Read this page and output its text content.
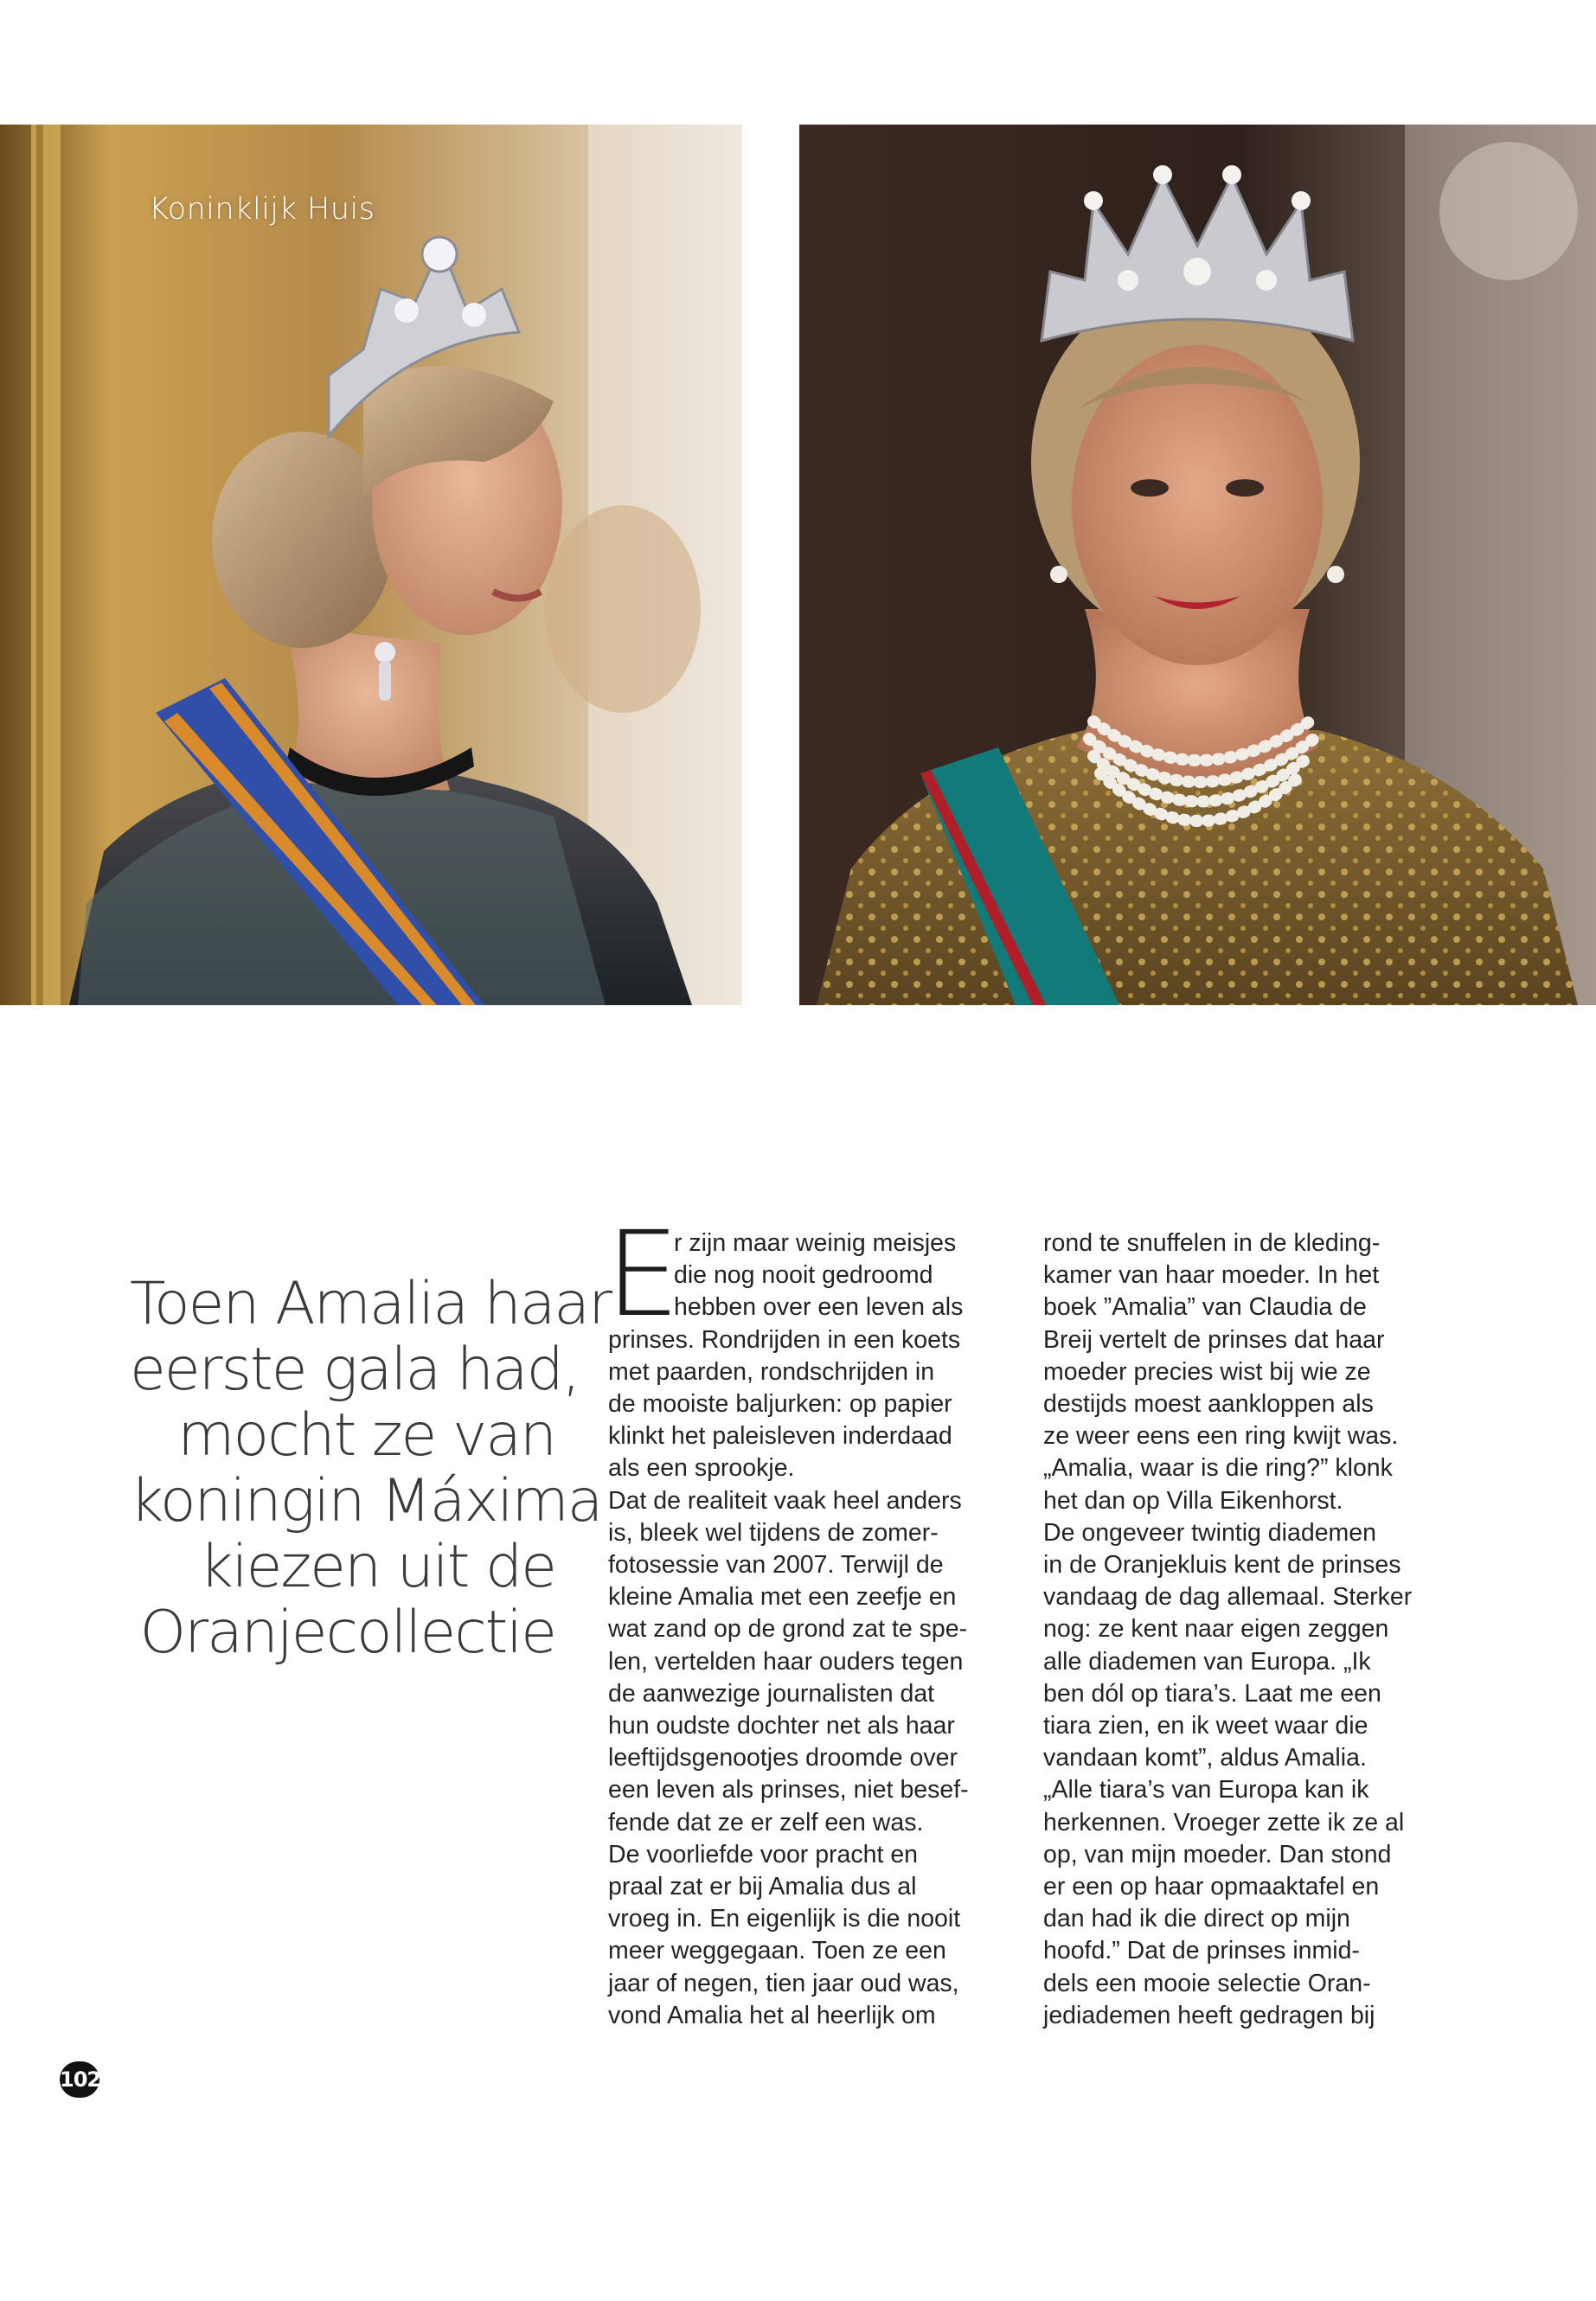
Koninklijk Huis
Toen Amalia haar
eerste gala had,
mocht ze van
koningin Máxima
kiezen uit de
Oranjecollectie
E
r zijn maar weinig meisjes
die nog nooit gedroomd
hebben over een leven als
prinses. Rondrijden in een koets
met paarden, rondschrijden in
de mooiste baljurken: op papier
klinkt het paleisleven inderdaad
als een sprookje.
Dat de realiteit vaak heel anders
is, bleek wel tijdens de zomer-
fotosessie van 2007. Terwijl de
kleine Amalia met een zeefje en
wat zand op de grond zat te spe-
len, vertelden haar ouders tegen
de aanwezige journalisten dat
hun oudste dochter net als haar
leeftijdsgenootjes droomde over
een leven als prinses, niet besef-
fende dat ze er zelf een was.
De voorliefde voor pracht en
praal zat er bij Amalia dus al
vroeg in. En eigenlijk is die nooit
meer weggegaan. Toen ze een
jaar of negen, tien jaar oud was,
vond Amalia het al heerlijk om
rond te snuffelen in de kleding-
kamer van haar moeder. In het
boek ”Amalia” van Claudia de
Breij vertelt de prinses dat haar
moeder precies wist bij wie ze
destijds moest aankloppen als
ze weer eens een ring kwijt was.
„Amalia, waar is die ring?” klonk
het dan op Villa Eikenhorst.
De ongeveer twintig diademen
in de Oranjekluis kent de prinses
vandaag de dag allemaal. Sterker
nog: ze kent naar eigen zeggen
alle diademen van Europa. „Ik
ben dól op tiara’s. Laat me een
tiara zien, en ik weet waar die
vandaan komt”, aldus Amalia.
„Alle tiara’s van Europa kan ik
herkennen. Vroeger zette ik ze al
op, van mijn moeder. Dan stond
er een op haar opmaaktafel en
dan had ik die direct op mijn
hoofd.” Dat de prinses inmid-
dels een mooie selectie Oran-
jediademen heeft gedragen bij
102
